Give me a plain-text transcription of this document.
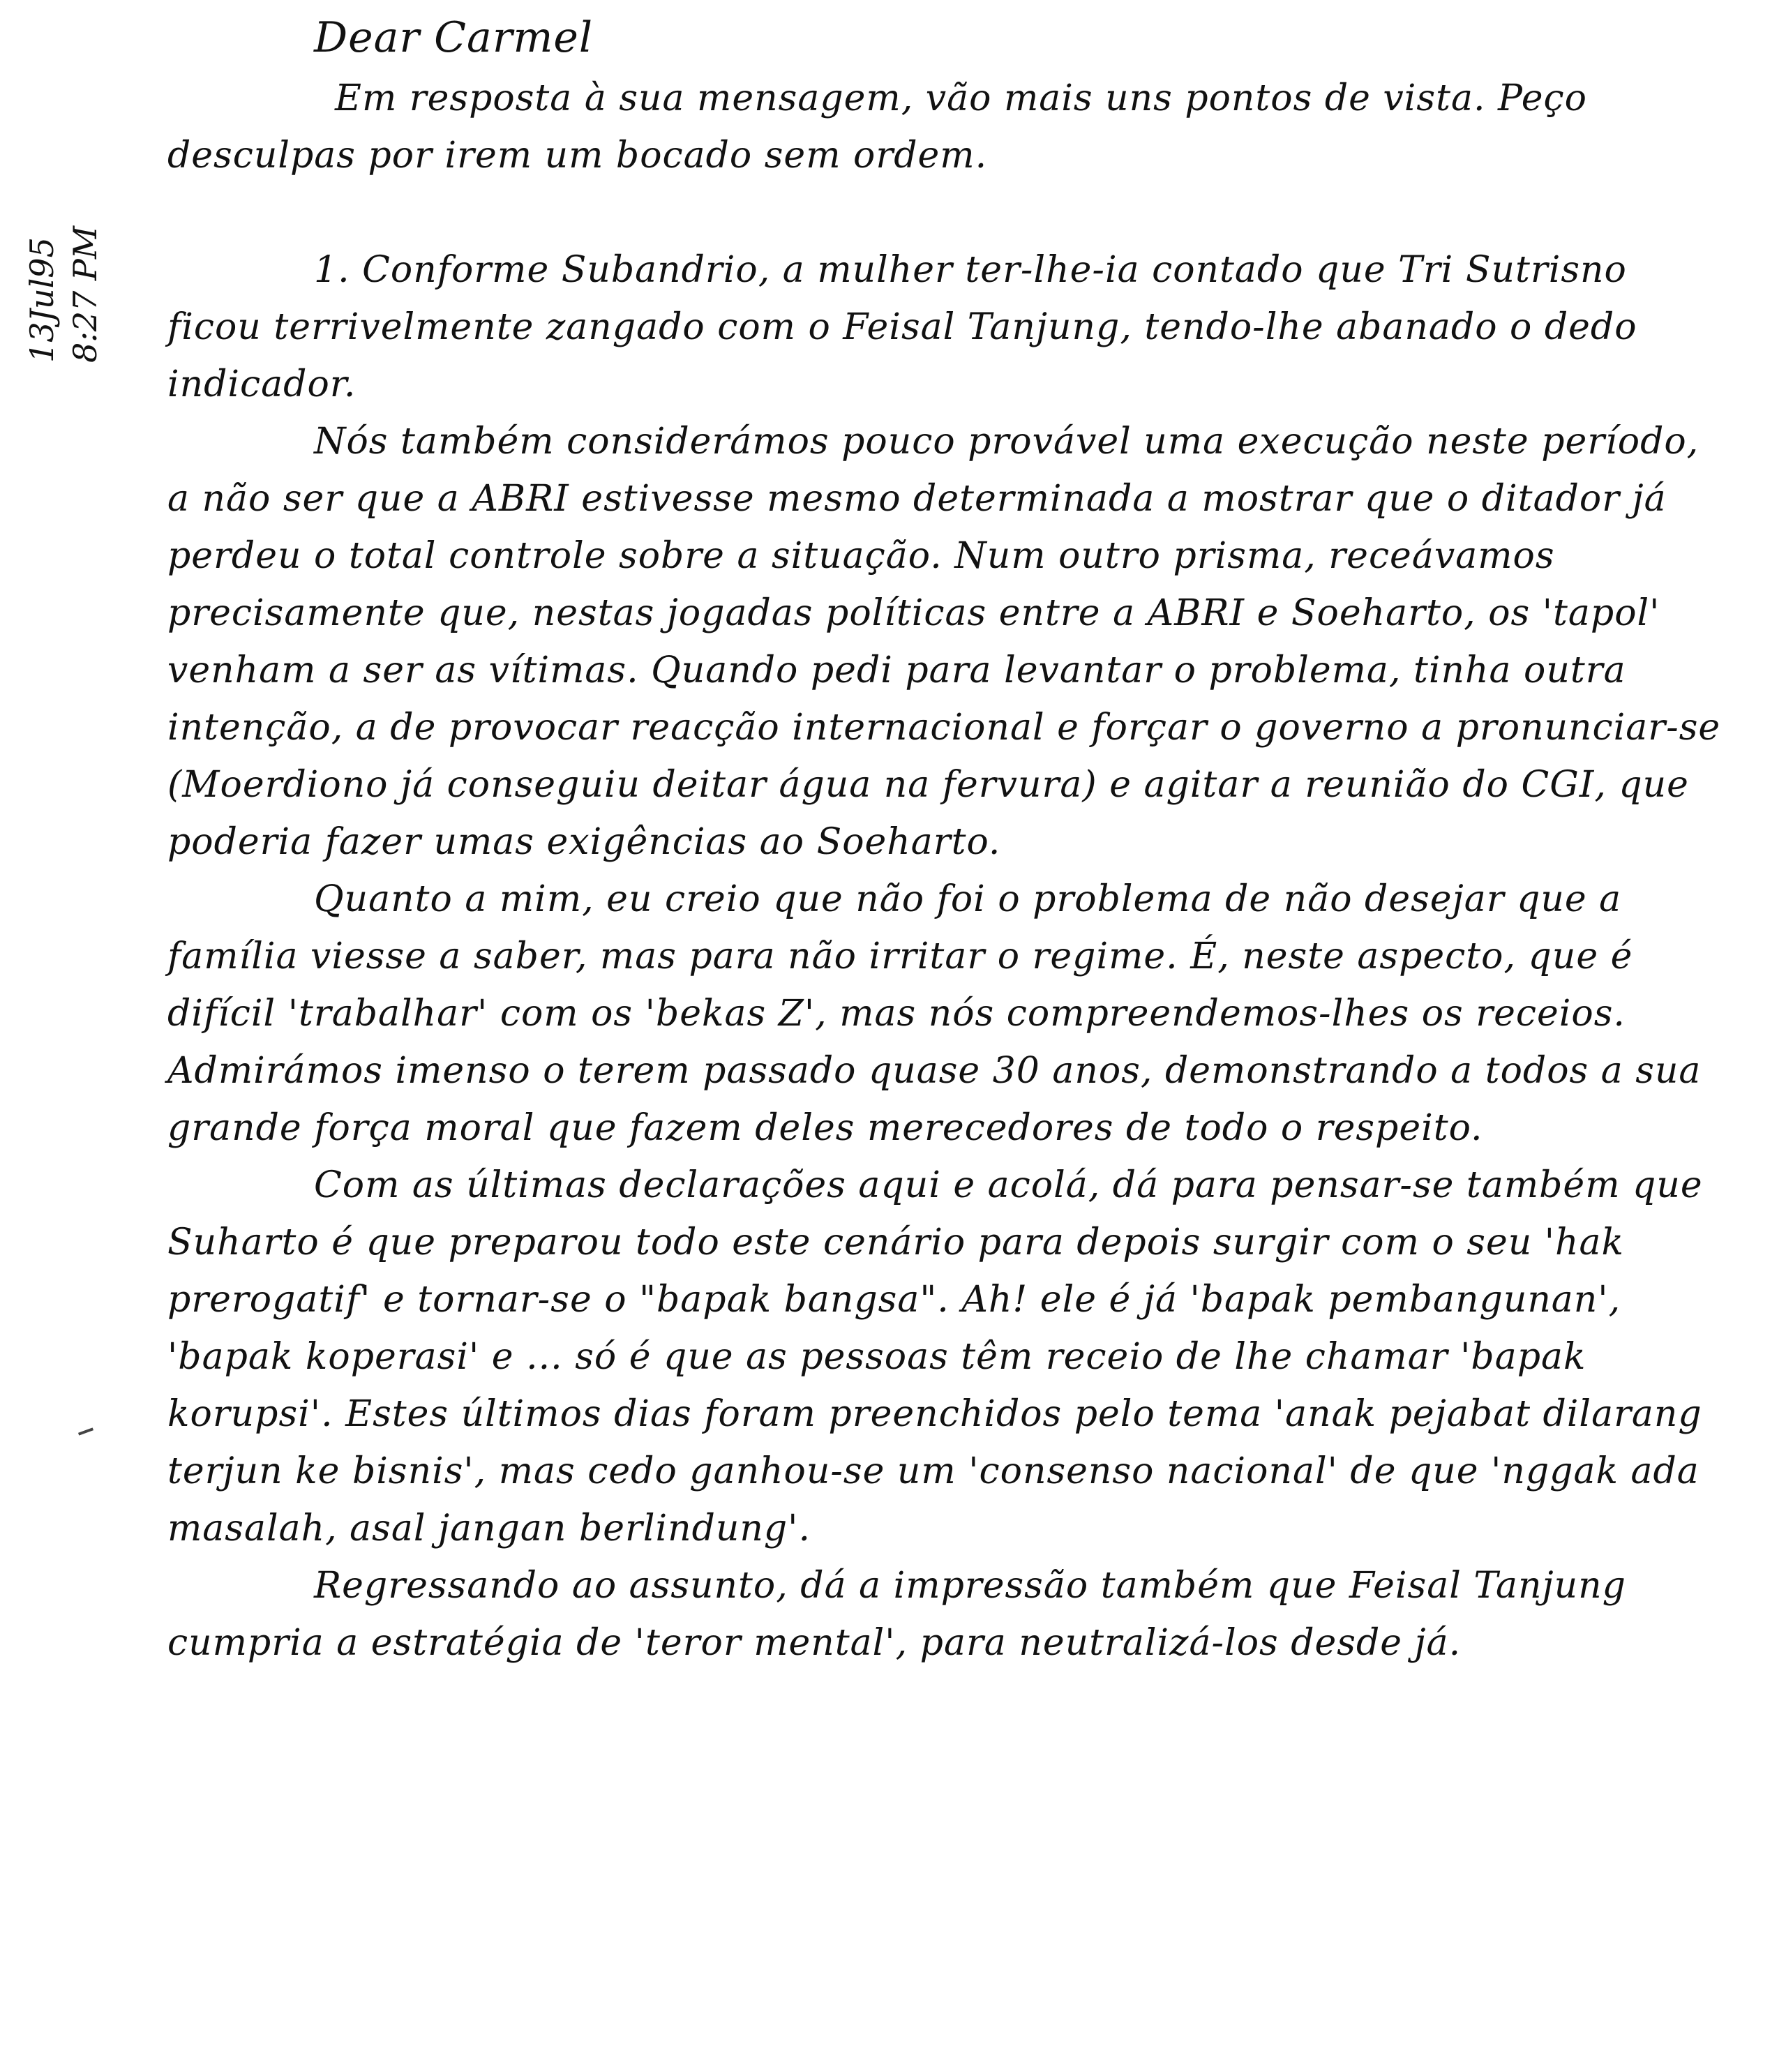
13Jul95 8:27 PM

Dear Carmel

Em resposta à sua mensagem, vão mais uns pontos de vista. Peço desculpas por irem um bocado sem ordem.

1. Conforme Subandrio, a mulher ter-lhe-ia contado que Tri Sutrisno ficou terrivelmente zangado com o Feisal Tanjung, tendo-lhe abanado o dedo indicador.

Nós também considerámos pouco provável uma execução neste período, a não ser que a ABRI estivesse mesmo determinada a mostrar que o ditador já perdeu o total controle sobre a situação. Num outro prisma, receávamos precisamente que, nestas jogadas políticas entre a ABRI e Soeharto, os 'tapol' venham a ser as vítimas. Quando pedi para levantar o problema, tinha outra intenção, a de provocar reacção internacional e forçar o governo a pronunciar-se (Moerdiono já conseguiu deitar água na fervura) e agitar a reunião do CGI, que poderia fazer umas exigências ao Soeharto.

Quanto a mim, eu creio que não foi o problema de não desejar que a família viesse a saber, mas para não irritar o regime. É, neste aspecto, que é difícil 'trabalhar' com os 'bekas Z', mas nós compreendemos-lhes os receios. Admirámos imenso o terem passado quase 30 anos, demonstrando a todos a sua grande força moral que fazem deles merecedores de todo o respeito.

Com as últimas declarações aqui e acolá, dá para pensar-se também que Suharto é que preparou todo este cenário para depois surgir com o seu 'hak prerogatif' e tornar-se o "bapak bangsa". Ah! ele é já 'bapak pembangunan', 'bapak koperasi' e ... só é que as pessoas têm receio de lhe chamar 'bapak korupsi'. Estes últimos dias foram preenchidos pelo tema 'anak pejabat dilarang terjun ke bisnis', mas cedo ganhou-se um 'consenso nacional' de que 'nggak ada masalah, asal jangan berlindung'.

Regressando ao assunto, dá a impressão também que Feisal Tanjung cumpria a estratégia de 'teror mental', para neutralizá-los desde já.
